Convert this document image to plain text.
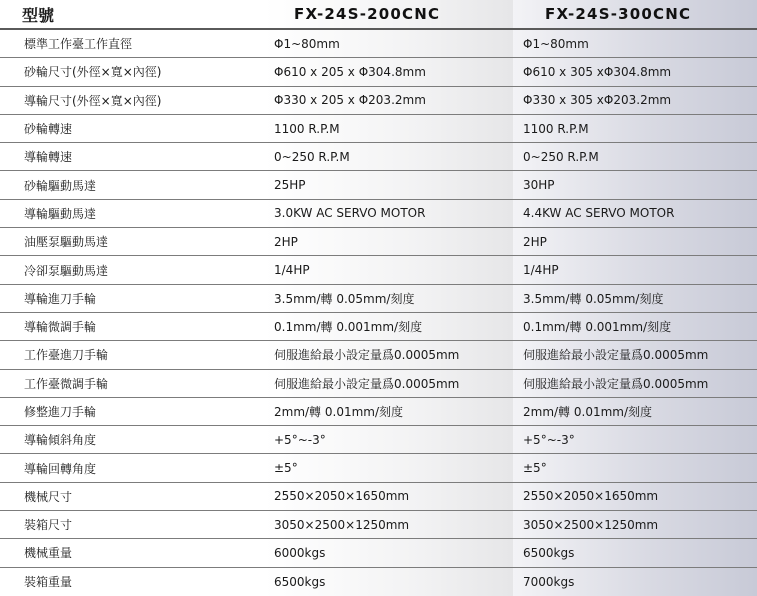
型號	FX-24S-200CNC	FX-24S-300CNC
標準工作臺工作直徑	Φ1~80mm	Φ1~80mm
砂輪尺寸(外徑×寬×內徑)	Φ610 x 205 x Φ304.8mm	Φ610 x 305 xΦ304.8mm
導輪尺寸(外徑×寬×內徑)	Φ330 x 205 x Φ203.2mm	Φ330 x 305 xΦ203.2mm
砂輪轉速	1100 R.P.M	1100 R.P.M
導輪轉速	0~250 R.P.M	0~250 R.P.M
砂輪驅動馬達	25HP	30HP
導輪驅動馬達	3.0KW AC SERVO MOTOR	4.4KW AC SERVO MOTOR
油壓泵驅動馬達	2HP	2HP
冷卻泵驅動馬達	1/4HP	1/4HP
導輪進刀手輪	3.5mm/轉 0.05mm/刻度	3.5mm/轉 0.05mm/刻度
導輪微調手輪	0.1mm/轉 0.001mm/刻度	0.1mm/轉 0.001mm/刻度
工作臺進刀手輪	伺服進給最小設定量爲0.0005mm	伺服進給最小設定量爲0.0005mm
工作臺微調手輪	伺服進給最小設定量爲0.0005mm	伺服進給最小設定量爲0.0005mm
修整進刀手輪	2mm/轉 0.01mm/刻度	2mm/轉 0.01mm/刻度
導輪傾斜角度	+5°~-3°	+5°~-3°
導輪回轉角度	±5°	±5°
機械尺寸	2550×2050×1650mm	2550×2050×1650mm
裝箱尺寸	3050×2500×1250mm	3050×2500×1250mm
機械重量	6000kgs	6500kgs
裝箱重量	6500kgs	7000kgs
